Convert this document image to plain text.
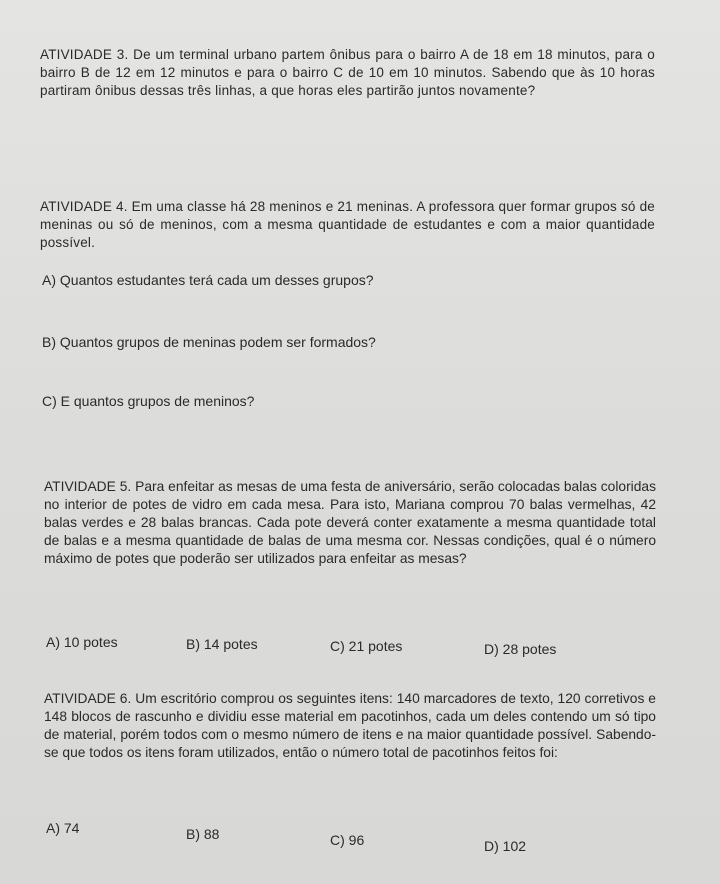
ATIVIDADE 3. De um terminal urbano partem ônibus para o bairro A de 18 em 18 minutos, para o bairro B de 12 em 12 minutos e para o bairro C de 10 em 10 minutos. Sabendo que às 10 horas partiram ônibus dessas três linhas, a que horas eles partirão juntos novamente?
ATIVIDADE 4. Em uma classe há 28 meninos e 21 meninas. A professora quer formar grupos só de meninas ou só de meninos, com a mesma quantidade de estudantes e com a maior quantidade possível.
A) Quantos estudantes terá cada um desses grupos?
B) Quantos grupos de meninas podem ser formados?
C) E quantos grupos de meninos?
ATIVIDADE 5. Para enfeitar as mesas de uma festa de aniversário, serão colocadas balas coloridas no interior de potes de vidro em cada mesa. Para isto, Mariana comprou 70 balas vermelhas, 42 balas verdes e 28 balas brancas. Cada pote deverá conter exatamente a mesma quantidade total de balas e a mesma quantidade de balas de uma mesma cor. Nessas condições, qual é o número máximo de potes que poderão ser utilizados para enfeitar as mesas?
A) 10 potes	B) 14 potes	C) 21 potes	D) 28 potes
ATIVIDADE 6. Um escritório comprou os seguintes itens: 140 marcadores de texto, 120 corretivos e 148 blocos de rascunho e dividiu esse material em pacotinhos, cada um deles contendo um só tipo de material, porém todos com o mesmo número de itens e na maior quantidade possível. Sabendo-se que todos os itens foram utilizados, então o número total de pacotinhos feitos foi:
A) 74	B) 88	C) 96	D) 102
